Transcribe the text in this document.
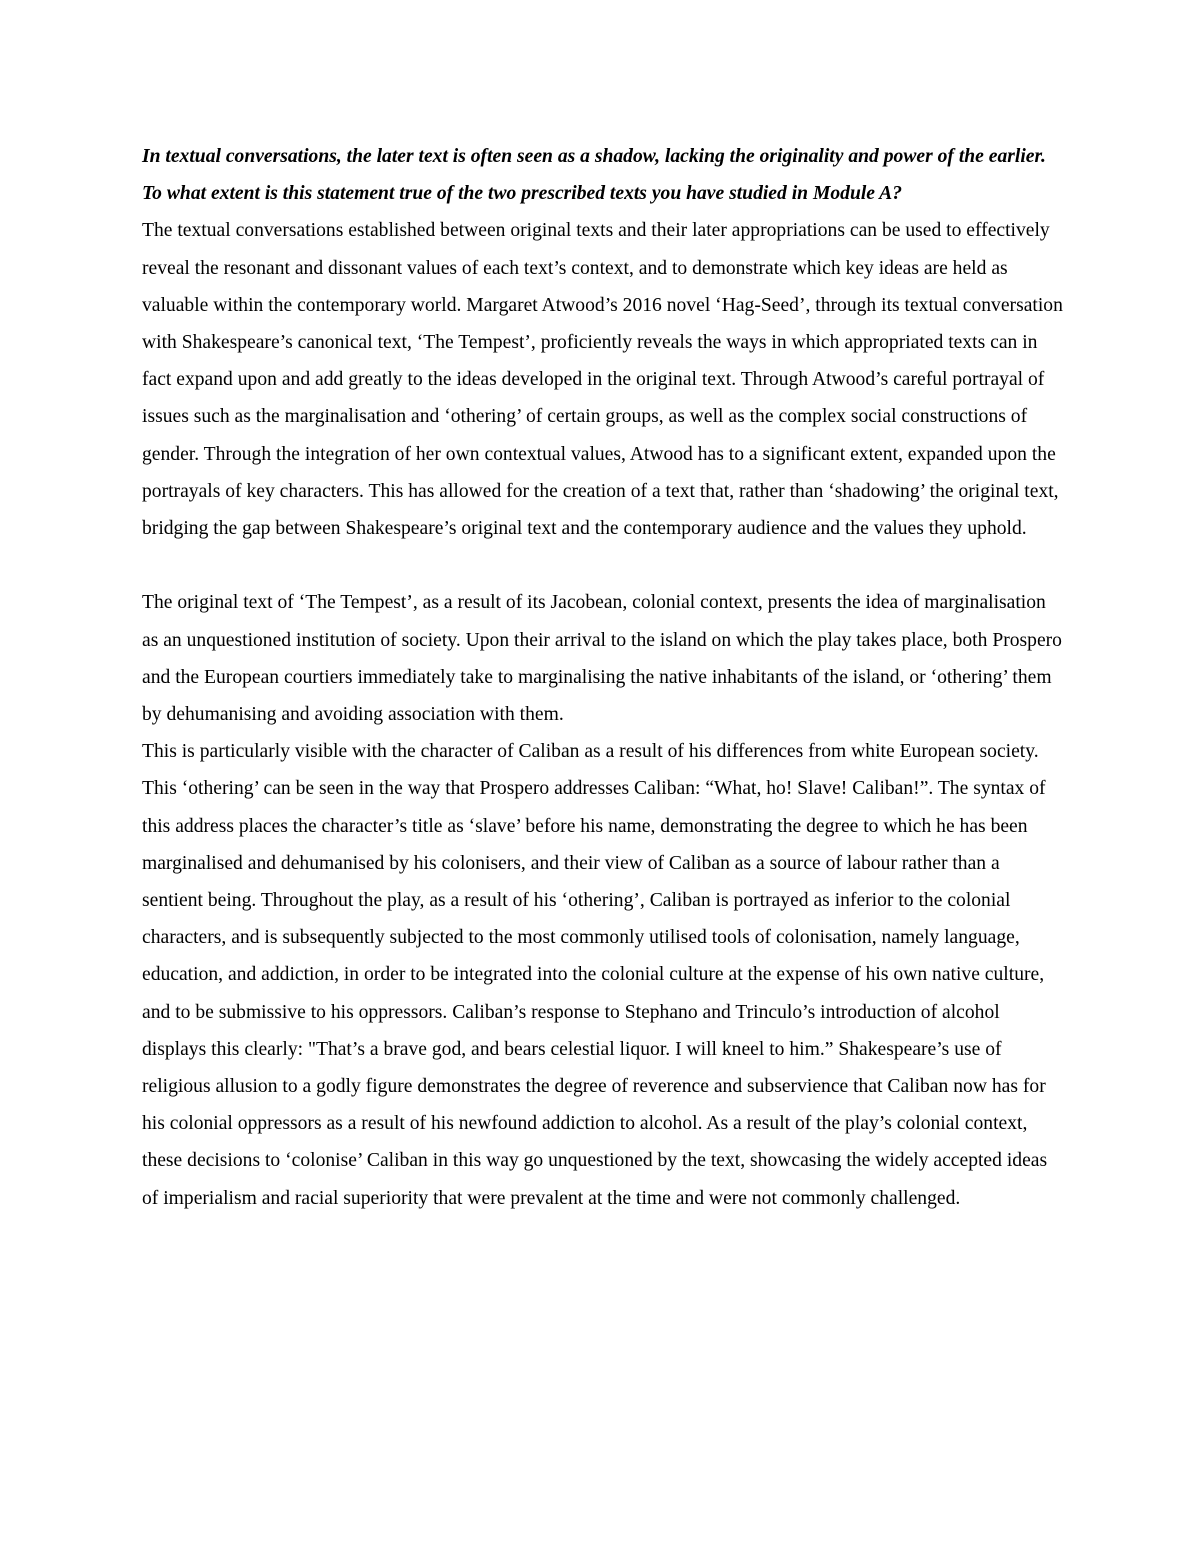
In textual conversations, the later text is often seen as a shadow, lacking the originality and power of the earlier. To what extent is this statement true of the two prescribed texts you have studied in Module A?

The textual conversations established between original texts and their later appropriations can be used to effectively reveal the resonant and dissonant values of each text’s context, and to demonstrate which key ideas are held as valuable within the contemporary world. Margaret Atwood’s 2016 novel ‘Hag-Seed’, through its textual conversation with Shakespeare’s canonical text, ‘The Tempest’, proficiently reveals the ways in which appropriated texts can in fact expand upon and add greatly to the ideas developed in the original text. Through Atwood’s careful portrayal of issues such as the marginalisation and ‘othering’ of certain groups, as well as the complex social constructions of gender. Through the integration of her own contextual values, Atwood has to a significant extent, expanded upon the portrayals of key characters. This has allowed for the creation of a text that, rather than ‘shadowing’ the original text, bridging the gap between Shakespeare’s original text and the contemporary audience and the values they uphold.

The original text of ‘The Tempest’, as a result of its Jacobean, colonial context, presents the idea of marginalisation as an unquestioned institution of society. Upon their arrival to the island on which the play takes place, both Prospero and the European courtiers immediately take to marginalising the native inhabitants of the island, or ‘othering’ them by dehumanising and avoiding association with them.

This is particularly visible with the character of Caliban as a result of his differences from white European society. This ‘othering’ can be seen in the way that Prospero addresses Caliban: “What, ho! Slave! Caliban!”. The syntax of this address places the character’s title as ‘slave’ before his name, demonstrating the degree to which he has been marginalised and dehumanised by his colonisers, and their view of Caliban as a source of labour rather than a sentient being. Throughout the play, as a result of his ‘othering’, Caliban is portrayed as inferior to the colonial characters, and is subsequently subjected to the most commonly utilised tools of colonisation, namely language, education, and addiction, in order to be integrated into the colonial culture at the expense of his own native culture, and to be submissive to his oppressors. Caliban’s response to Stephano and Trinculo’s introduction of alcohol displays this clearly: "That’s a brave god, and bears celestial liquor. I will kneel to him.” Shakespeare’s use of religious allusion to a godly figure demonstrates the degree of reverence and subservience that Caliban now has for his colonial oppressors as a result of his newfound addiction to alcohol. As a result of the play’s colonial context, these decisions to ‘colonise’ Caliban in this way go unquestioned by the text, showcasing the widely accepted ideas of imperialism and racial superiority that were prevalent at the time and were not commonly challenged.
